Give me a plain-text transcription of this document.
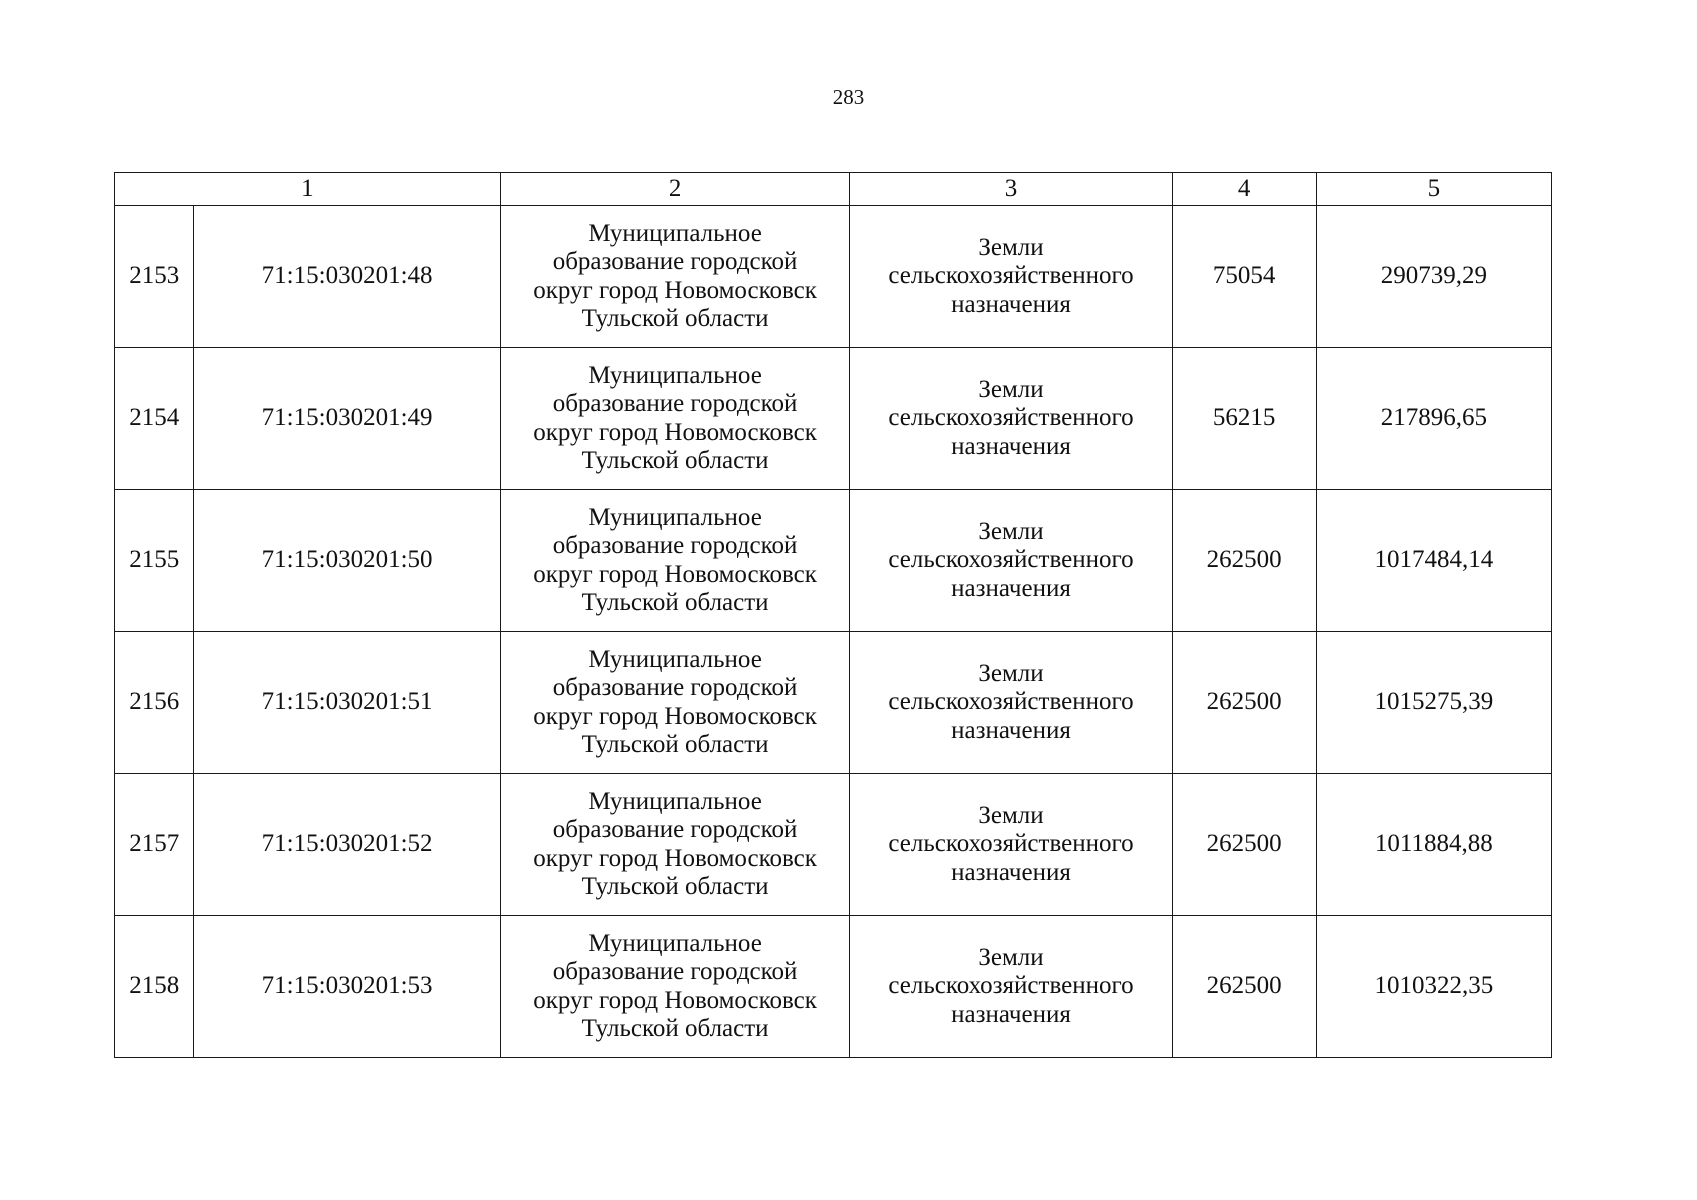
283
1		2	3	4	5
2153	71:15:030201:48	Муниципальное образование городской округ город Новомосковск Тульской области	Земли сельскохозяйственного назначения	75054	290739,29
2154	71:15:030201:49	Муниципальное образование городской округ город Новомосковск Тульской области	Земли сельскохозяйственного назначения	56215	217896,65
2155	71:15:030201:50	Муниципальное образование городской округ город Новомосковск Тульской области	Земли сельскохозяйственного назначения	262500	1017484,14
2156	71:15:030201:51	Муниципальное образование городской округ город Новомосковск Тульской области	Земли сельскохозяйственного назначения	262500	1015275,39
2157	71:15:030201:52	Муниципальное образование городской округ город Новомосковск Тульской области	Земли сельскохозяйственного назначения	262500	1011884,88
2158	71:15:030201:53	Муниципальное образование городской округ город Новомосковск Тульской области	Земли сельскохозяйственного назначения	262500	1010322,35
